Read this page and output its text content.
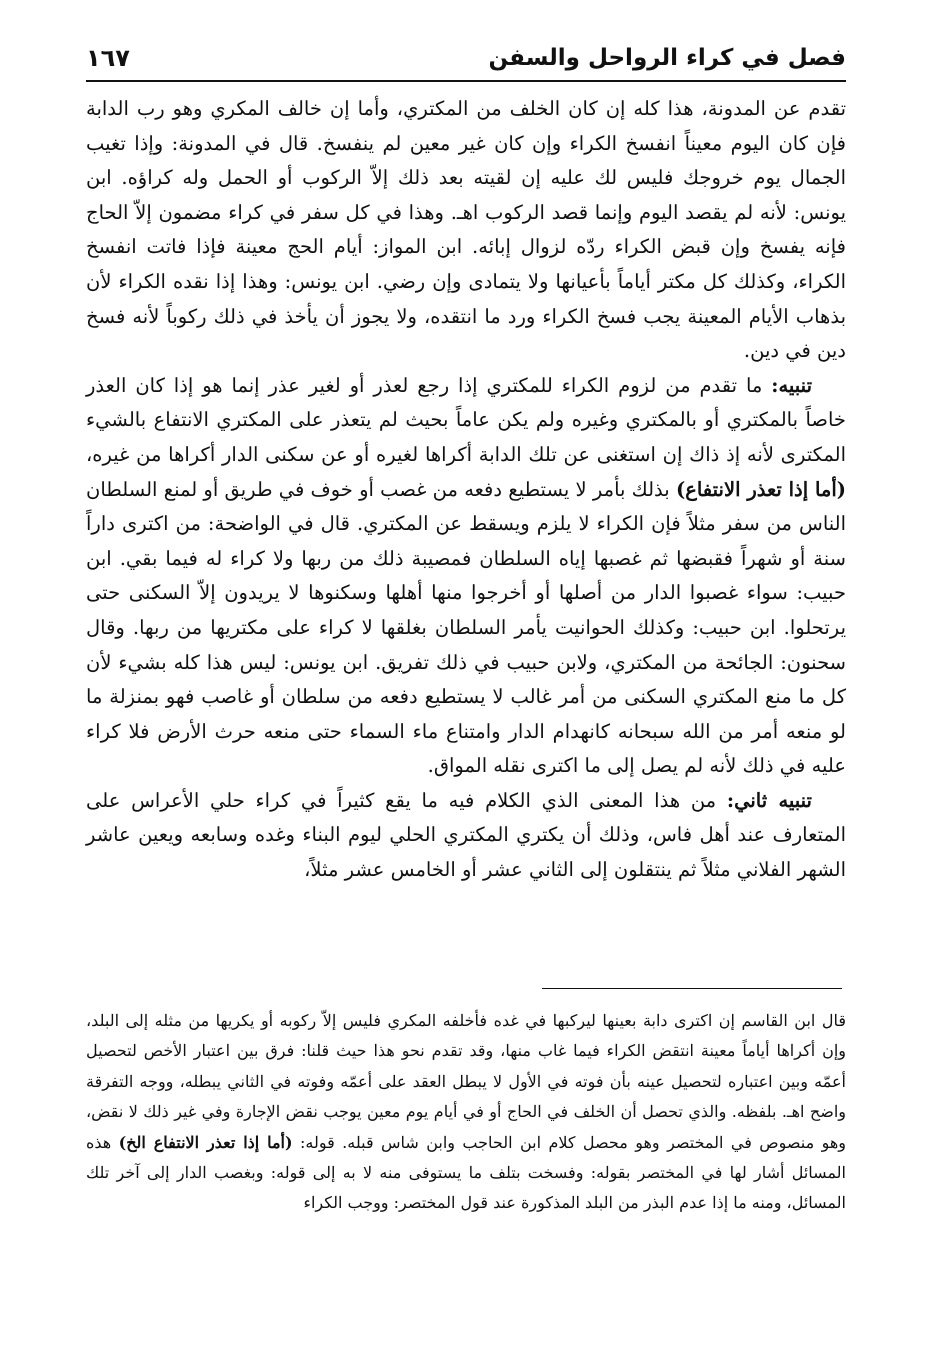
فصل في كراء الرواحل والسفن
١٦٧

تقدم عن المدونة، هذا كله إن كان الخلف من المكتري، وأما إن خالف المكري وهو رب الدابة فإن كان اليوم معيناً انفسخ الكراء وإن كان غير معين لم ينفسخ. قال في المدونة: وإذا تغيب الجمال يوم خروجك فليس لك عليه إن لقيته بعد ذلك إلاّ الركوب أو الحمل وله كراؤه. ابن يونس: لأنه لم يقصد اليوم وإنما قصد الركوب اهـ. وهذا في كل سفر في كراء مضمون إلاّ الحاج فإنه يفسخ وإن قبض الكراء ردّه لزوال إبائه. ابن المواز: أيام الحج معينة فإذا فاتت انفسخ الكراء، وكذلك كل مكتر أياماً بأعيانها ولا يتمادى وإن رضي. ابن يونس: وهذا إذا نقده الكراء لأن بذهاب الأيام المعينة يجب فسخ الكراء ورد ما انتقده، ولا يجوز أن يأخذ في ذلك ركوباً لأنه فسخ دين في دين.

تنبيه: ما تقدم من لزوم الكراء للمكتري إذا رجع لعذر أو لغير عذر إنما هو إذا كان العذر خاصاً بالمكتري أو بالمكتري وغيره ولم يكن عاماً بحيث لم يتعذر على المكتري الانتفاع بالشيء المكترى لأنه إذ ذاك إن استغنى عن تلك الدابة أكراها لغيره أو عن سكنى الدار أكراها من غيره، (أما إذا تعذر الانتفاع) بذلك بأمر لا يستطيع دفعه من غصب أو خوف في طريق أو لمنع السلطان الناس من سفر مثلاً فإن الكراء لا يلزم ويسقط عن المكتري. قال في الواضحة: من اكترى داراً سنة أو شهراً فقبضها ثم غصبها إياه السلطان فمصيبة ذلك من ربها ولا كراء له فيما بقي. ابن حبيب: سواء غصبوا الدار من أصلها أو أخرجوا منها أهلها وسكنوها لا يريدون إلاّ السكنى حتى يرتحلوا. ابن حبيب: وكذلك الحوانيت يأمر السلطان بغلقها لا كراء على مكتريها من ربها. وقال سحنون: الجائحة من المكتري، ولابن حبيب في ذلك تفريق. ابن يونس: ليس هذا كله بشيء لأن كل ما منع المكتري السكنى من أمر غالب لا يستطيع دفعه من سلطان أو غاصب فهو بمنزلة ما لو منعه أمر من الله سبحانه كانهدام الدار وامتناع ماء السماء حتى منعه حرث الأرض فلا كراء عليه في ذلك لأنه لم يصل إلى ما اكترى نقله المواق.

تنبيه ثاني: من هذا المعنى الذي الكلام فيه ما يقع كثيراً في كراء حلي الأعراس على المتعارف عند أهل فاس، وذلك أن يكتري المكتري الحلي ليوم البناء وغده وسابعه ويعين عاشر الشهر الفلاني مثلاً ثم ينتقلون إلى الثاني عشر أو الخامس عشر مثلاً،

قال ابن القاسم إن اكترى دابة بعينها ليركبها في غده فأخلفه المكري فليس إلاّ ركوبه أو يكريها من مثله إلى البلد، وإن أكراها أياماً معينة انتقض الكراء فيما غاب منها، وقد تقدم نحو هذا حيث قلنا: فرق بين اعتبار الأخص لتحصيل أعمّه وبين اعتباره لتحصيل عينه بأن فوته في الأول لا يبطل العقد على أعمّه وفوته في الثاني يبطله، ووجه التفرقة واضح اهـ. بلفظه. والذي تحصل أن الخلف في الحاج أو في أيام يوم معين يوجب نقض الإجارة وفي غير ذلك لا نقض، وهو منصوص في المختصر وهو محصل كلام ابن الحاجب وابن شاس قبله. قوله: (أما إذا تعذر الانتفاع الخ) هذه المسائل أشار لها في المختصر بقوله: وفسخت بتلف ما يستوفى منه لا به إلى قوله: وبغصب الدار إلى آخر تلك المسائل، ومنه ما إذا عدم البذر من البلد المذكورة عند قول المختصر: ووجب الكراء
